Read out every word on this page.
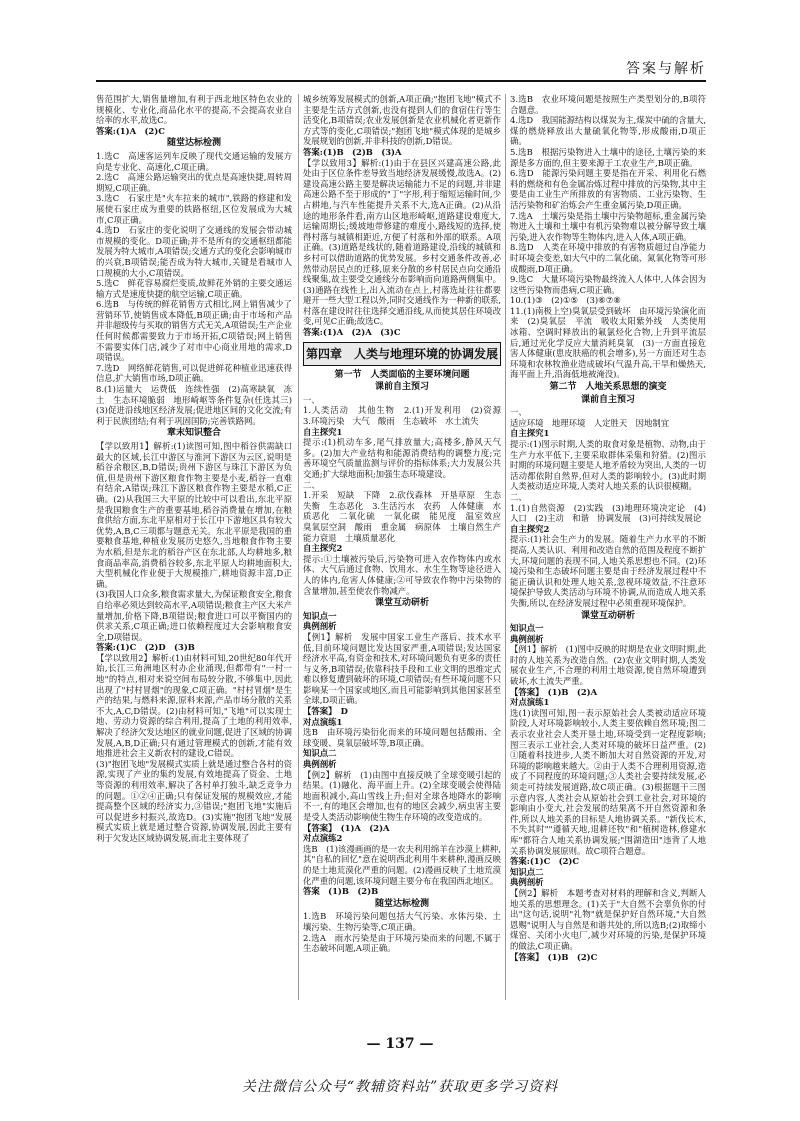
答案与解析
售范围扩大,销售量增加,有利于西北地区特色农业的规模化、专业化,商品化水平的提高,不会提高农业自给率的水平,故选C。
答案:(1)A　(2)C
随堂达标检测
1.选C　高速客运列车反映了现代交通运输的发展方向是专业化、高速化,C项正确。
2.选C　高速公路运输突出的优点是高速快捷,周转周期短,C项正确。
3.选C　石家庄是"火车拉来的城市",铁路的修建和发展使石家庄成为重要的铁路枢纽,区位发展成为大城市,C项正确。
4.选D　石家庄的变化说明了交通线的发展会带动城市规模的变化。D项正确;并不是所有的交通枢纽都能发展为特大城市,A项错误;交通方式的变化会影响城市的兴衰,B项错误;能否成为特大城市,关键是看城市人口规模的大小,C项错误。
5.选C　鲜花容易腐烂变质,故鲜花外销的主要交通运输方式是速度快捷的航空运输,C项正确。
6.选B　与传统的鲜花销售方式相比,网上销售减少了营销环节,使销售成本降低,B项正确;由于市场和产品并非超级传与买取的销售方式无关,A项错误;生产企业任何时候都需要致力于市场开拓,C项错误;网上销售不需要实体门店,减少了对市中心商业用地的需求,D项错误。
7.选D　网络鲜花销售,可以促进鲜花种植业迅速获得信息,扩大销售市场,D项正确。
8.(1)运量大　运费低　连续性强　(2)高寒缺氧　冻土　生态环境脆弱　地形崎岖等条件复杂(任选其三)　(3)促进沿线地区经济发展;促进地区间的文化交流;有利于民族团结;有利于巩固国防;完善铁路网。
章末知识整合
【学以致用1】解析:(1)读图可知,图中稻谷供需缺口最大的区域,长江中游区与淮河下游区为云区,说明是稻谷余粮区,B,D错误;贵州下游区与珠江下游区为负值,但是贵州下游区粮食作物主要是小麦,稻谷一直难有结余,A错误;珠江下游区粮食作物主要是水稻,C正确。(2)从我国三大平原的比较中可以看出,东北平原是我国粮食生产的重要基地,稻谷消费量在增加,在粮食供给方面,东北平原相对于长江中下游地区具有较大优势,A,B,C三项都与题意无关。东北平原是我国的重要粮食基地,种植业发展历史悠久,当地粮食作物主要为水稻,但是东北的稻谷产区在东北部,人均耕地多,粮食商品率高,消费稻谷较多,东北平原人均耕地面积大,大型机械化作业便于大规模推广,耕地资源丰富,D正确。
(3)我国人口众多,粮食需求量大,为保证粮食安全,粮食自给率必须达到较高水平,A项错误;粮食主产区大米产量增加,价格下降,B项错误;粮食进口可以平衡国内的供求关系,C项正确;进口依赖程度过大会影响粮食安全,D项错误。
答案:(1)C　(2)D　(3)B
【学以致用2】解析:(1)由材料可知,20世纪80年代开始,长江三角洲地区村办企业涌现,但都带有"一村一地"的特点,相对来说空间布局较分散,不够集中,因此出现了"村村冒烟"的现象,C项正确。"村村冒烟"是生产的结果,与燃料来源,原料来源,产品市场分散的关系不大,A,C,D错误。(2)由材料可知,"飞地"可以实现土地、劳动力资源的综合利用,提高了土地的利用效率,解决了经济欠发达地区的就业问题,促进了区域的协调发展,A,B,D正确;只有通过管理模式的创新,才能有效地推进社会主义新农村的建设,C错误。
(3)"抱团飞地"发展模式实质上就是通过整合各村的资源,实现了产业的集约发展,有效地提高了资金、土地等资源的利用效率,解决了各村单打独斗,缺乏竞争力的问题。①②④正确;只有保证发展的规模效应,才能提高整个区域的经济实力,③错误;"抱团飞地"实施后可以促进乡村振兴,故选D。(3)实施"抱团飞地"发展模式实质上就是通过整合资源,协调发展,因此主要有利于欠发达区域协调发展,而北主要体现了
城乡统筹发展模式的创新,A项正确;"抱团飞地"模式不主要是生活方式创新,也没有提到人们的食宿住行等生活变化,B项错误;农业发展创新是农业机械化者更新作方式等的变化,C项错误;"抱团飞地"模式体现的是城乡发展规划的创新,并非科技的创新,D错误。
答案:(1)B　(2)B　(3)A
【学以致用3】解析:(1)由于在县区兴建高速公路,此处由于区位条件差导致当地经济发展缓慢,故选A。(2)建设高速公路主要是解决运输能力不足的问题,并非建高速公路不至于形成的"丁"字形,利于缩短运输时间,少占耕地,与汽车性能提升关系不大,选A正确。(2)从沿途的地形条件看,南方山区地形崎岖,道路建设难度大,运输周期长;缓坡地带修建的难度小,路线短的选择,使得村落与城镇相距近,方便了村落和外部的联系。A项正确。(3)道路是线状的,随着道路建设,沿线的城镇和乡村可以借助道路的优势发展。乡村交通条件改善,必然带动居民点的迁移,原来分散的乡村居民点向交通沿线聚集,故主要受交通线分布影响而向道路两侧集中。(3)通路在线性上,出入流动在点上,村落选址往往都要避开一些大型工程以外,同时交通线作为一种新的联系,村落在建设时往往选择交通沿线,从而使其居住环境改变,可见C正确;故选C。
答案:(1)A　(2)A　(3)C
第四章　人类与地理环境的协调发展
第一节　人类面临的主要环境问题
课前自主预习
一、
1.人类活动　其他生物　2.(1)开发利用　(2)资源　3.环境污染　大气　酸雨　生态破坏　水土流失
自主探究1
提示:(1)机动车多,尾气排放量大;高楼多,静风天气多。(2)加大产业结构和能源消费结构的调整力度;完善环境空气质量监测与评价的指标体系;大力发展公共交通;扩大绿地面积;加强生态环境建设。
二、
1.开采　短缺　下降　2.砍伐森林　开垦草原　生态失衡　生态恶化　3.生活污水　农药　人体健康　水质恶化　二氧化硫　一氧化碳　能见度　温室效应　臭氧层空洞　酸雨　重金属　病原体　土壤自然生产能力衰退　土壤质量恶化
自主探究2
提示:①土壤被污染后,污染物可进入农作物体内或水体、大气后通过食物、饮用水、水生生物等途径进入人的体内,危害人体健康;②可导致农作物中污染物的含量增加,甚至使农作物减产。
课堂互动研析
知识点一
典例剖析
【例1】解析　发展中国家工业生产落后、技术水平低,目前环境问题比发达国家严重,A项错误;发达国家经济水平高,有资金和技术,对环境问题负有更多的责任与义务,B项错误;依靠科技手段和工业文明的思维定式难以修复遭到破坏的环境,C项错误;有些环境问题不只影响某一个国家或地区,而且可能影响到其他国家甚至全球,D项正确。
【答案】　D
对点演练1
选B　由环境污染衍化而来的环境问题包括酸雨、全球变暖、臭氧层破坏等,B项正确。
知识点二
典例剖析
【例2】解析　(1)由图中直接反映了全球变暖引起的结果。(1)融化、海平面上升。(2)全球变暖会使得陆地面积减小,高山雪线上升;但对全球各地降水的影响不一,有的地区会增加,也有的地区会减少,病虫害主要是受人类活动影响使生物生存环境的改变造成的。
【答案】　(1)A　(2)A
对点演练2
选B　(1)该漫画画的是一农夫利用绵羊在沙漠上耕种,其"自私的回忆"意在说明西北利用牛来耕种,漫画反映的是土地荒漠化严重的问题。(2)漫画反映了土地荒漠化严重的问题,该环境问题主要分布在我国西北地区。
答案　(1)B　(2)B
随堂达标检测
1.选B　环境污染问题包括大气污染、水体污染、土壤污染、生物污染等,C项正确。
2.选A　雨水污染是由于环境污染而来的问题,不属于生态破坏问题,A项正确。
3.选B　农业环境问题是按照生产类型划分的,B项符合题意。
4.选D　我国能源结构以煤炭为主,煤炭中硫的含量大,煤的燃烧释放出大量硫氧化物等,形成酸雨,D项正确。
5.选B　根据污染物进入土壤中的途径,土壤污染的来源是多方面的,但主要来源于工农业生产,B项正确。
6.选D　能源污染问题主要是指在开采、利用化石燃料的燃烧和有色金属冶炼过程中排放的污染物,其中主要是由工业生产所排放的有害物质、工业污染物、生活污染物和矿治炼会产生重金属污染,D项正确。
7.选A　土壤污染是指土壤中污染物超标,重金属污染物进入土壤和土壤中有机污染物难以被分解导致土壤污染,进入农作物等生物体内,进入人体,A项正确。
8.选D　人类在环境中排放的有害物质超过自净能力时环境会变差,如大气中的二氧化硫、氮氧化物等可形成酸雨,D项正确。
9.选C　大量环境污染物最终流入人体中,人体会因为这些污染物而患病,C项正确。
10.(1)③　(2)①⑤　(3)⑥⑦⑧
11.(1)南极上空)臭氧层受到破坏　由环境污染演化而来　(2)臭氧层　平流　吸收太阳紫外线　人类使用冰箱、空调时释放出的氟氯烃化合物,上升到平流层后,通过光化学反应大量消耗臭氧　(3)一方面直接危害人体健康(患皮肤癌的机会增多),另一方面还对生态环境和农林牧渔业造成破坏(气温升高,干旱和燥热天,海平面上升,沿海低地被淹没)。
第二节　人地关系思想的演变
课前自主预习
一、
适应环境　地理环境　人定胜天　因地制宜
自主探究1
提示:(1)图示时期,人类的取食对象是植物、动物,由于生产力水平低下,主要采取群体采集和狩猎。(2)图示时期的环境问题主要是人地矛盾较为突出,人类的一切活动都依附自然界,但对人类的影响较小。(3)此时期人类被动适应环境,人类对人地关系的认识很模糊。
二、
1.(1)自然资源　(2)实践　(3)地理环境决定论　(4)人口　(2)主动　和谐　协调发展　(3)可持续发展论
自主探究2
提示:(1)社会生产力的发展。随着生产力水平的不断提高,人类认识、利用和改造自然的范围及程度不断扩大,环境问题的表现不同,人地关系思想也不同。(2)环境污染和生态破坏问题主要是由于经济发展过程中不能正确认识和处理人地关系,忽视环境效益,不注意环境保护导致人类活动与环境不协调,从而造成人地关系失衡,所以,在经济发展过程中必须重视环境保护。
课堂互动研析
知识点一
典例剖析
【例1】解析　(1)图中反映的时期是农业文明时期,此时的人地关系为改造自然。(2)农业文明时期,人类发展农业生产,不合理的利用土地资源,使自然环境遭到破坏,水土流失严重。
【答案】　(1)B　(2)A
对点演练1
选(1)读图可知,图一表示原始社会人类被动适应环境阶段,人对环境影响较小,人类主要依赖自然环境;图二表示农业社会人类开垦土地,环境受到一定程度影响;图三表示工业社会,人类对环境的破坏日益严重。(2)①随着科技进步,人类不断加大对自然资源的开发,对环境的影响越来越大。②由于人类不合理利用资源,造成了不同程度的环境问题;③人类社会要持续发展,必须走可持续发展道路,故C项正确。(3)根据题干三图示意内容,人类社会从原始社会到工业社会,对环境的影响由小变大,社会发展的结果离不开自然资源和条件,所以人地关系的目标是人地协调关系。"新伐长木,不失其时""遵循天地,退耕还牧"和"植树造林,修建水库"都符合人地关系协调发展;"围湖造田"违背了人地关系协调发展原则。故C项符合题意。
答案:(1)C　(2)C
知识点二
典例剖析
【例2】解析　本题考查对材料的理解和含义,判断人地关系的思想理念。(1)关于"大自然不会辜负你的付出"这句话,说明"礼物"就是保护好自然环境,"大自然恩赐"说明人与自然是和谐共处的,所以选B;(2)取缔小煤窑、关闭小火电厂,减少对环境的污染,是保护环境的做法,C项正确。
【答案】　(1)B　(2)C
— 137 —
关注微信公众号“教辅资料站”获取更多学习资料
